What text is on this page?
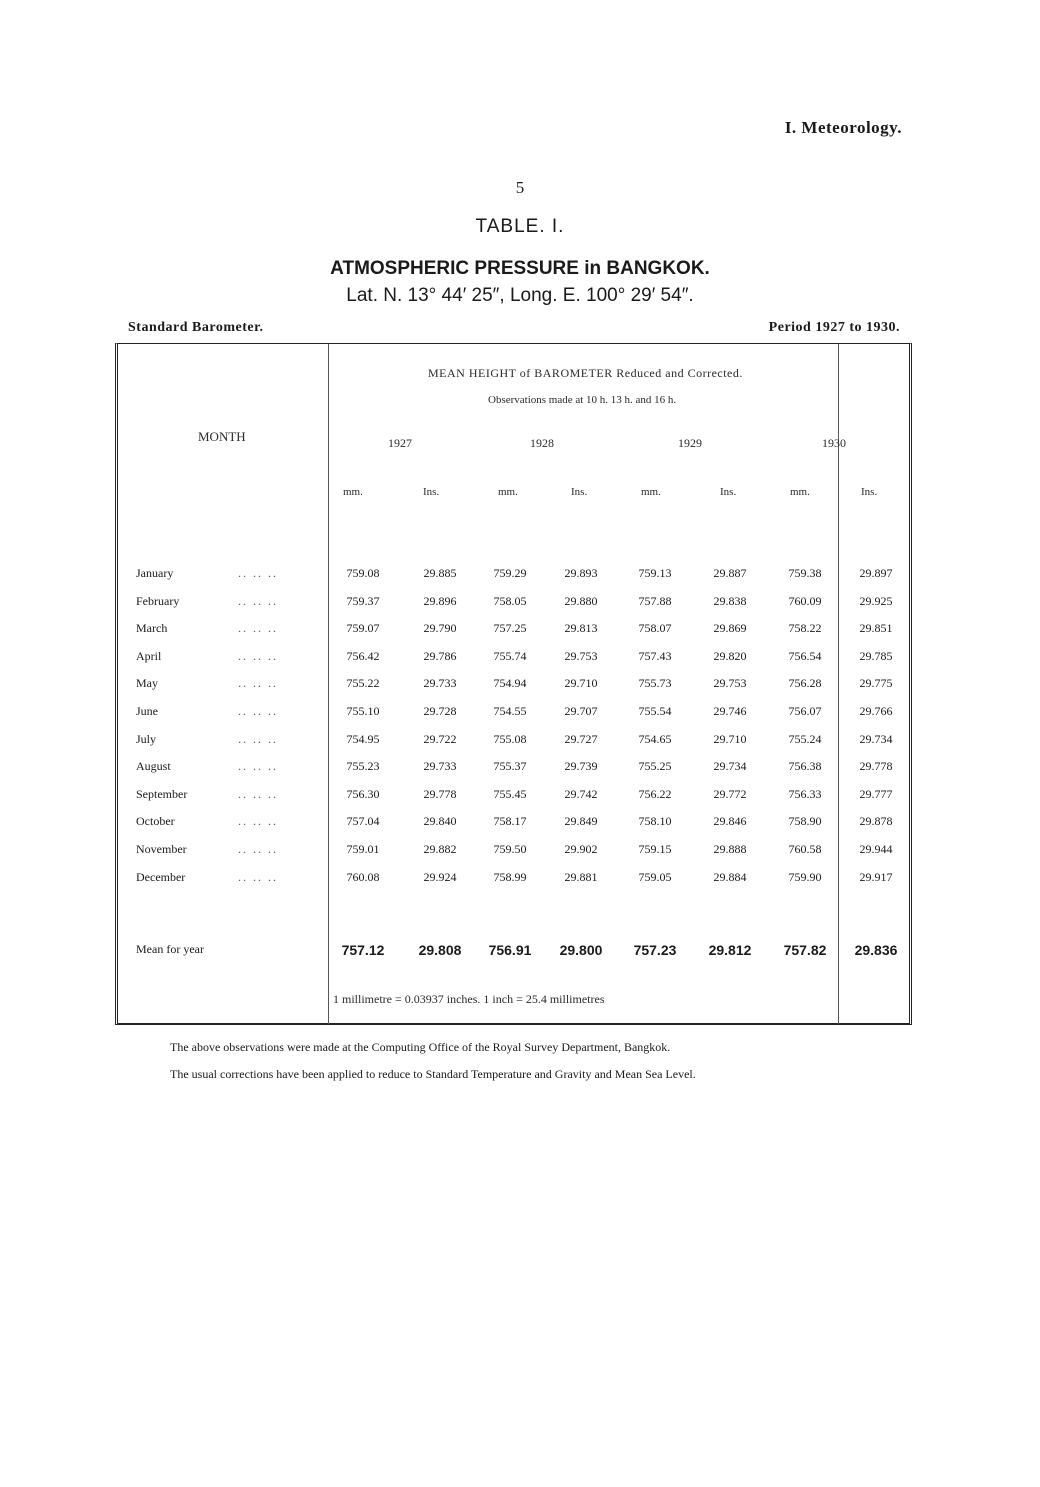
I. Meteorology.
5
TABLE. I.
ATMOSPHERIC PRESSURE in BANGKOK.
Lat. N. 13° 44′ 25″, Long. E. 100° 29′ 54″.
Standard Barometer.	Period 1927 to 1930.
MEAN HEIGHT of BAROMETER Reduced and Corrected.
Observations made at 10 h. 13 h. and 16 h.
MONTH	1927	1928	1929	1930
mm.	Ins.	mm.	Ins.	mm.	Ins.	mm.	Ins.
January	.. .. ..	759.08	29.885	759.29	29.893	759.13	29.887	759.38	29.897
February	.. .. ..	759.37	29.896	758.05	29.880	757.88	29.838	760.09	29.925
March	.. .. ..	759.07	29.790	757.25	29.813	758.07	29.869	758.22	29.851
April	.. .. ..	756.42	29.786	755.74	29.753	757.43	29.820	756.54	29.785
May	.. .. ..	755.22	29.733	754.94	29.710	755.73	29.753	756.28	29.775
June	.. .. ..	755.10	29.728	754.55	29.707	755.54	29.746	756.07	29.766
July	.. .. ..	754.95	29.722	755.08	29.727	754.65	29.710	755.24	29.734
August	.. .. ..	755.23	29.733	755.37	29.739	755.25	29.734	756.38	29.778
September	.. .. ..	756.30	29.778	755.45	29.742	756.22	29.772	756.33	29.777
October	.. .. ..	757.04	29.840	758.17	29.849	758.10	29.846	758.90	29.878
November	.. .. ..	759.01	29.882	759.50	29.902	759.15	29.888	760.58	29.944
December	.. .. ..	760.08	29.924	758.99	29.881	759.05	29.884	759.90	29.917
Mean for year	757.12	29.808	756.91	29.800	757.23	29.812	757.82	29.836
1 millimetre = 0.03937 inches. 1 inch = 25.4 millimetres
The above observations were made at the Computing Office of the Royal Survey Department, Bangkok.
The usual corrections have been applied to reduce to Standard Temperature and Gravity and Mean Sea Level.
